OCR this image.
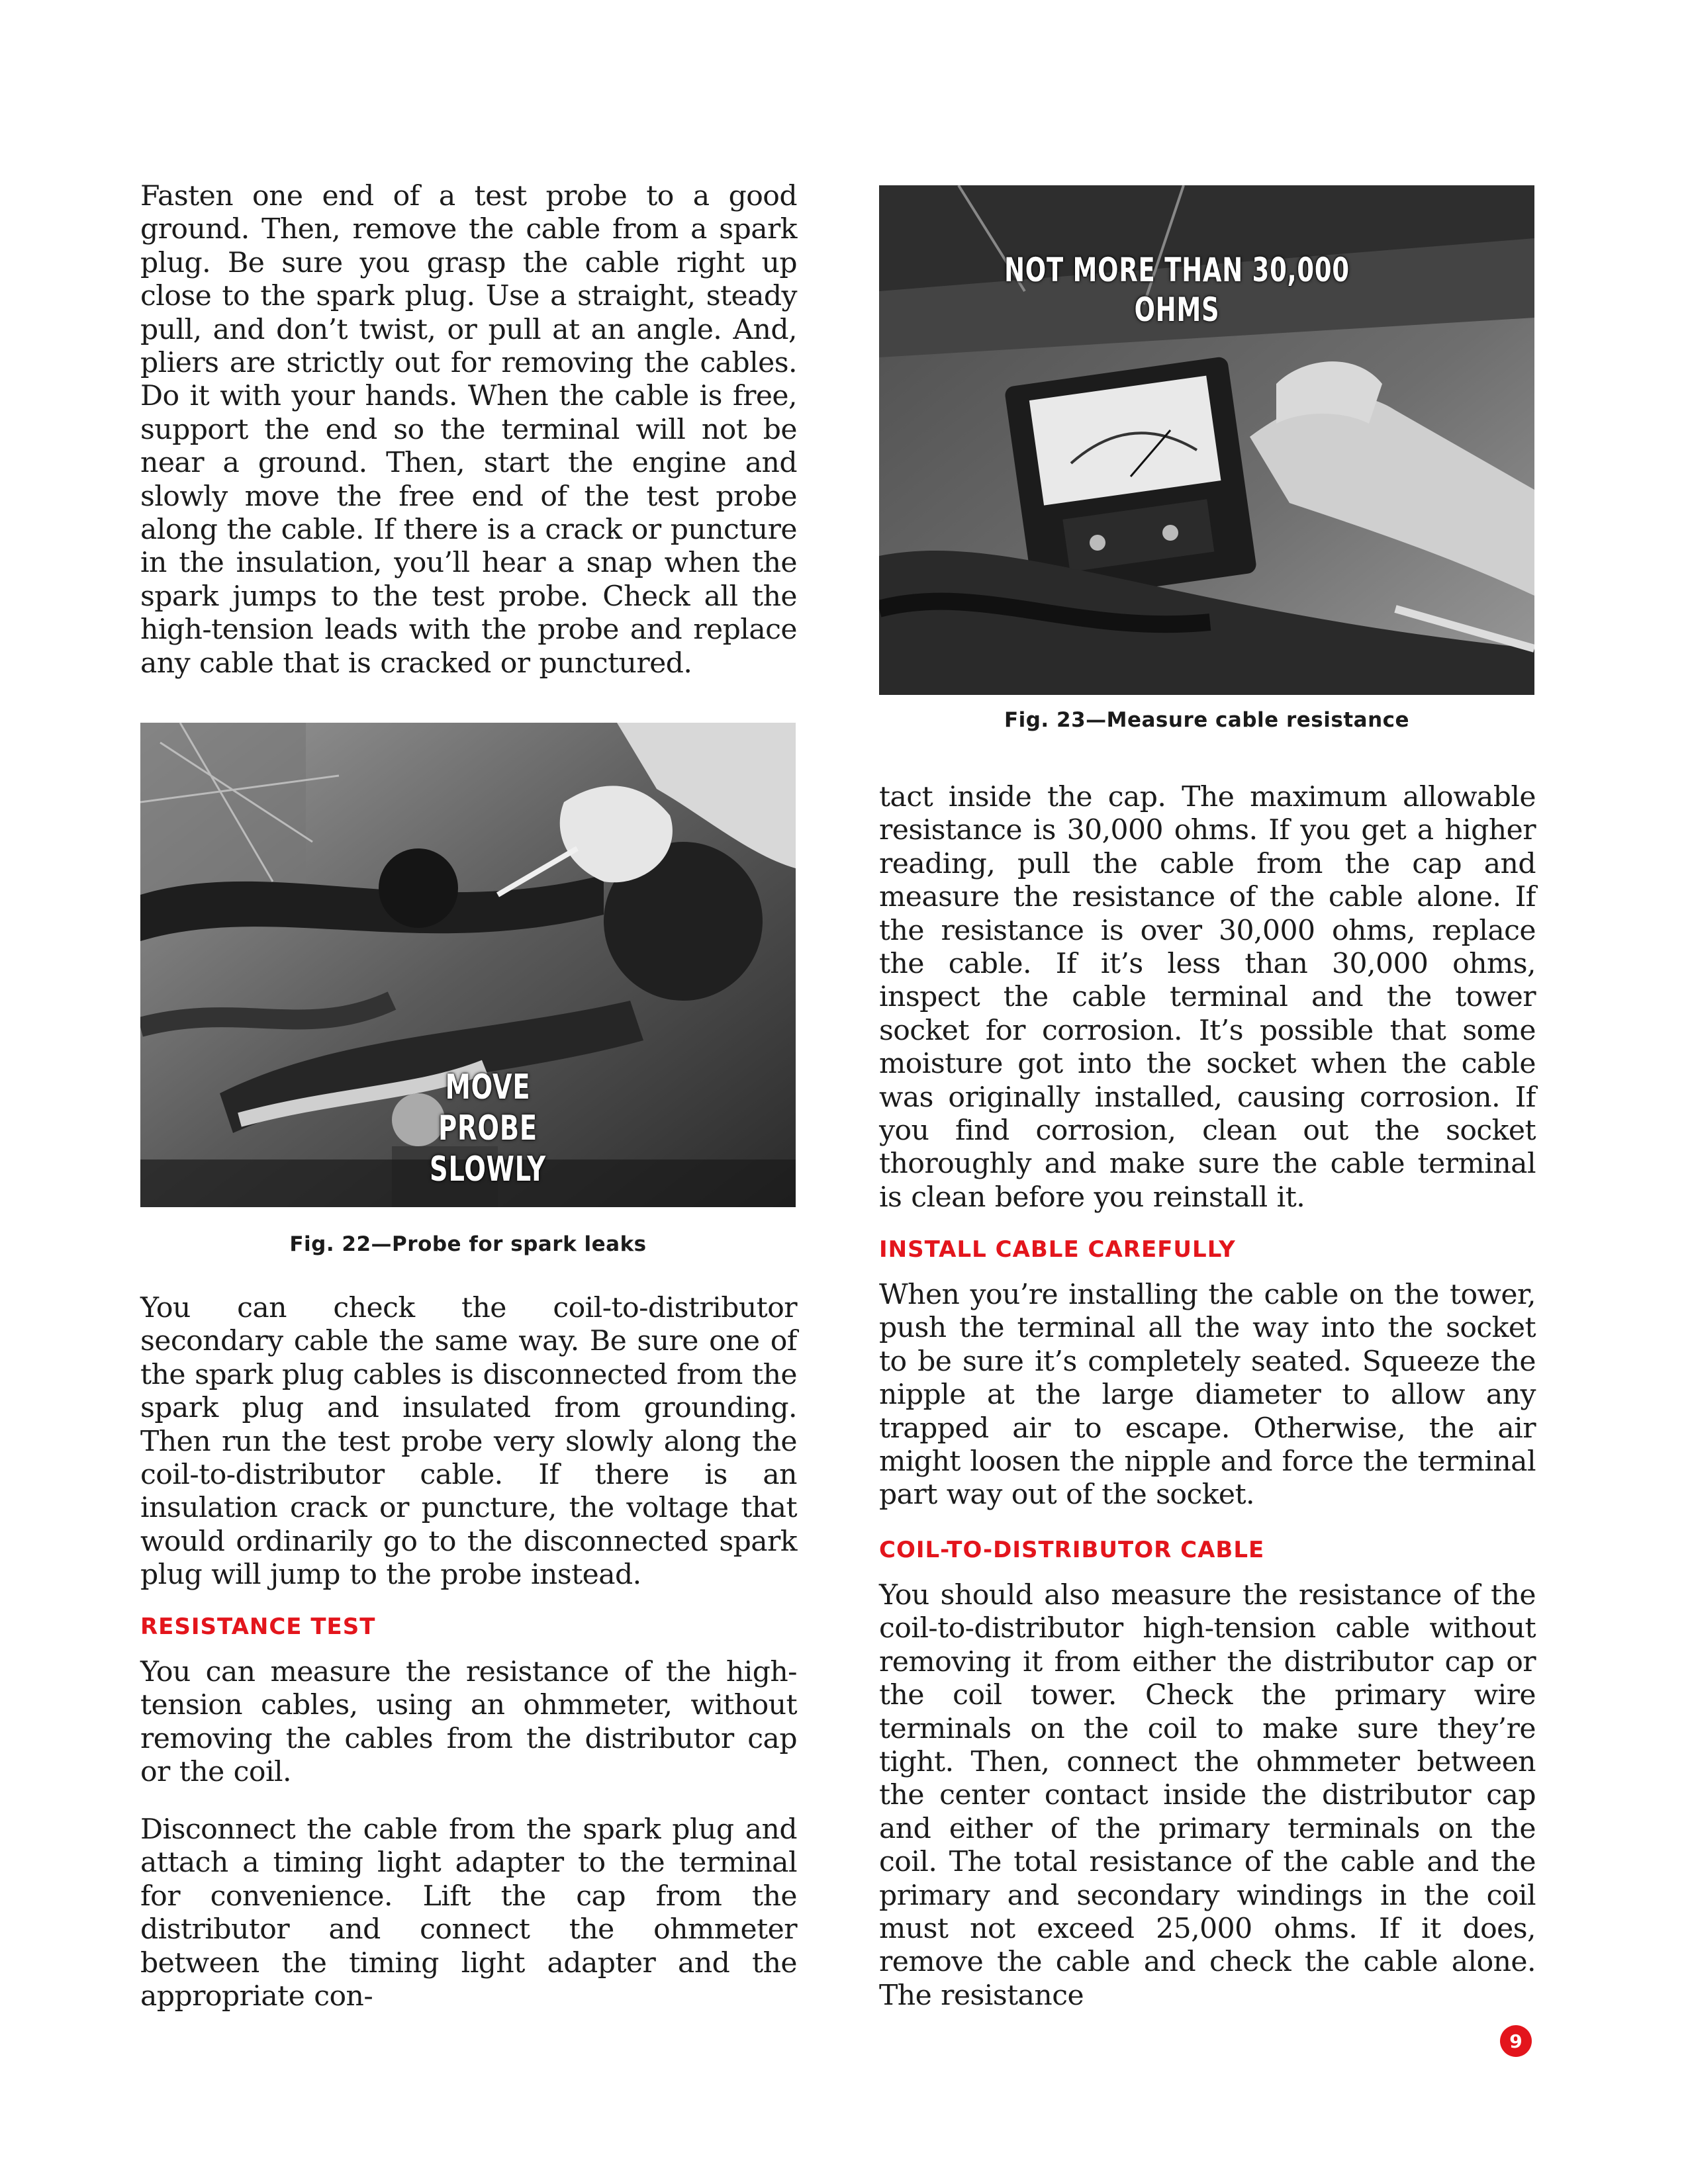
Fasten one end of a test probe to a good ground. Then, remove the cable from a spark plug. Be sure you grasp the cable right up close to the spark plug. Use a straight, steady pull, and don’t twist, or pull at an angle. And, pliers are strictly out for removing the cables. Do it with your hands. When the cable is free, support the end so the terminal will not be near a ground. Then, start the engine and slowly move the free end of the test probe along the cable. If there is a crack or puncture in the insulation, you’ll hear a snap when the spark jumps to the test probe. Check all the high-tension leads with the probe and replace any cable that is cracked or punctured.

MOVE PROBE
SLOWLY
Fig. 22—Probe for spark leaks

You can check the coil-to-distributor secondary cable the same way. Be sure one of the spark plug cables is disconnected from the spark plug and insulated from grounding. Then run the test probe very slowly along the coil-to-distributor cable. If there is an insulation crack or puncture, the voltage that would ordinarily go to the disconnected spark plug will jump to the probe instead.

RESISTANCE TEST

You can measure the resistance of the high-tension cables, using an ohmmeter, without removing the cables from the distributor cap or the coil.

Disconnect the cable from the spark plug and attach a timing light adapter to the terminal for convenience. Lift the cap from the distributor and connect the ohmmeter between the timing light adapter and the appropriate con-

NOT MORE THAN 30,000 OHMS
Fig. 23—Measure cable resistance

tact inside the cap. The maximum allowable resistance is 30,000 ohms. If you get a higher reading, pull the cable from the cap and measure the resistance of the cable alone. If the resistance is over 30,000 ohms, replace the cable. If it’s less than 30,000 ohms, inspect the cable terminal and the tower socket for corrosion. It’s possible that some moisture got into the socket when the cable was originally installed, causing corrosion. If you find corrosion, clean out the socket thoroughly and make sure the cable terminal is clean before you reinstall it.

INSTALL CABLE CAREFULLY

When you’re installing the cable on the tower, push the terminal all the way into the socket to be sure it’s completely seated. Squeeze the nipple at the large diameter to allow any trapped air to escape. Otherwise, the air might loosen the nipple and force the terminal part way out of the socket.

COIL-TO-DISTRIBUTOR CABLE

You should also measure the resistance of the coil-to-distributor high-tension cable without removing it from either the distributor cap or the coil tower. Check the primary wire terminals on the coil to make sure they’re tight. Then, connect the ohmmeter between the center contact inside the distributor cap and either of the primary terminals on the coil. The total resistance of the cable and the primary and secondary windings in the coil must not exceed 25,000 ohms. If it does, remove the cable and check the cable alone. The resistance

9
